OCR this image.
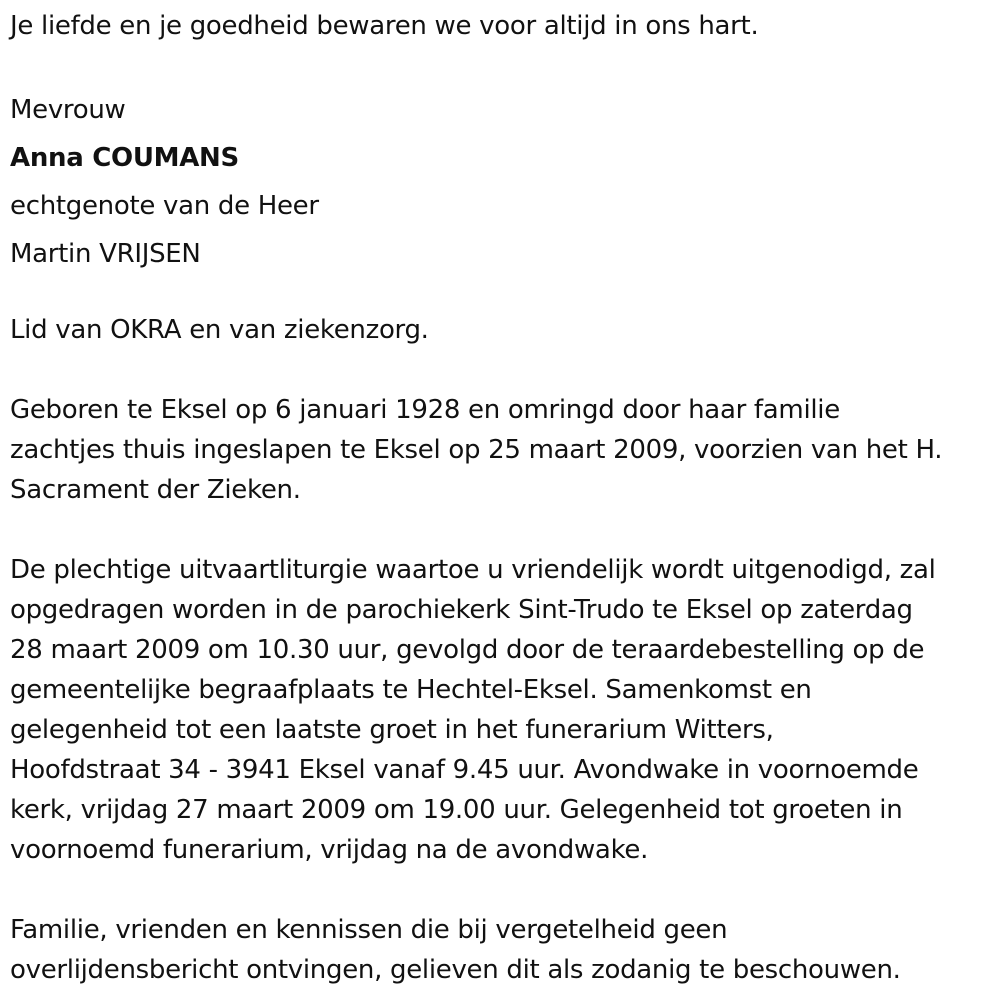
Je liefde en je goedheid bewaren we voor altijd in ons hart.
Mevrouw
Anna COUMANS
echtgenote van de Heer
Martin VRIJSEN
Lid van OKRA en van ziekenzorg.
Geboren te Eksel op 6 januari 1928 en omringd door haar familie
zachtjes thuis ingeslapen te Eksel op 25 maart 2009, voorzien van het H.
Sacrament der Zieken.
De plechtige uitvaartliturgie waartoe u vriendelijk wordt uitgenodigd, zal
opgedragen worden in de parochiekerk Sint-Trudo te Eksel op zaterdag
28 maart 2009 om 10.30 uur, gevolgd door de teraardebestelling op de
gemeentelijke begraafplaats te Hechtel-Eksel. Samenkomst en
gelegenheid tot een laatste groet in het funerarium Witters,
Hoofdstraat 34 - 3941 Eksel vanaf 9.45 uur. Avondwake in voornoemde
kerk, vrijdag 27 maart 2009 om 19.00 uur. Gelegenheid tot groeten in
voornoemd funerarium, vrijdag na de avondwake.
Familie, vrienden en kennissen die bij vergetelheid geen
overlijdensbericht ontvingen, gelieven dit als zodanig te beschouwen.
